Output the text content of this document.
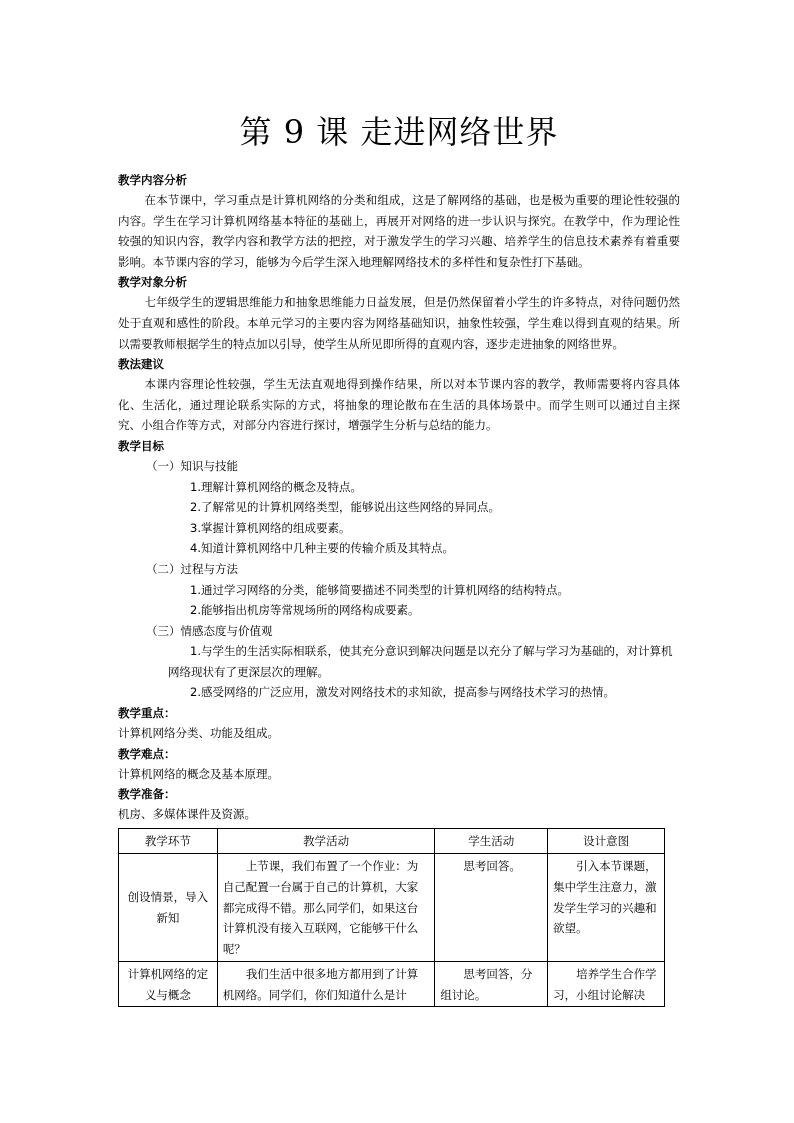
第 9 课 走进网络世界
教学内容分析
在本节课中，学习重点是计算机网络的分类和组成，这是了解网络的基础，也是极为重要的理论性较强的内容。学生在学习计算机网络基本特征的基础上，再展开对网络的进一步认识与探究。在教学中，作为理论性较强的知识内容，教学内容和教学方法的把控，对于激发学生的学习兴趣、培养学生的信息技术素养有着重要影响。本节课内容的学习，能够为今后学生深入地理解网络技术的多样性和复杂性打下基础。
教学对象分析
七年级学生的逻辑思维能力和抽象思维能力日益发展，但是仍然保留着小学生的许多特点，对待问题仍然处于直观和感性的阶段。本单元学习的主要内容为网络基础知识，抽象性较强，学生难以得到直观的结果。所以需要教师根据学生的特点加以引导，使学生从所见即所得的直观内容，逐步走进抽象的网络世界。
教法建议
本课内容理论性较强，学生无法直观地得到操作结果，所以对本节课内容的教学，教师需要将内容具体化、生活化，通过理论联系实际的方式，将抽象的理论散布在生活的具体场景中。而学生则可以通过自主探究、小组合作等方式，对部分内容进行探讨，增强学生分析与总结的能力。
教学目标
（一）知识与技能
1.理解计算机网络的概念及特点。
2.了解常见的计算机网络类型，能够说出这些网络的异同点。
3.掌握计算机网络的组成要素。
4.知道计算机网络中几种主要的传输介质及其特点。
（二）过程与方法
1.通过学习网络的分类，能够简要描述不同类型的计算机网络的结构特点。
2.能够指出机房等常规场所的网络构成要素。
（三）情感态度与价值观
1.与学生的生活实际相联系，使其充分意识到解决问题是以充分了解与学习为基础的，对计算机网络现状有了更深层次的理解。
2.感受网络的广泛应用，激发对网络技术的求知欲，提高参与网络技术学习的热情。
教学重点：
计算机网络分类、功能及组成。
教学难点：
计算机网络的概念及基本原理。
教学准备：
机房、多媒体课件及资源。
教学环节	教学活动	学生活动	设计意图
创设情景，导入新知	上节课，我们布置了一个作业：为自己配置一台属于自己的计算机，大家都完成得不错。那么同学们，如果这台计算机没有接入互联网，它能够干什么呢？	思考回答。	引入本节课题，集中学生注意力，激发学生学习的兴趣和欲望。

计算机网络的定义与概念	我们生活中很多地方都用到了计算机网络。同学们，你们知道什么是计	思考回答，分组讨论。	培养学生合作学习，小组讨论解决
